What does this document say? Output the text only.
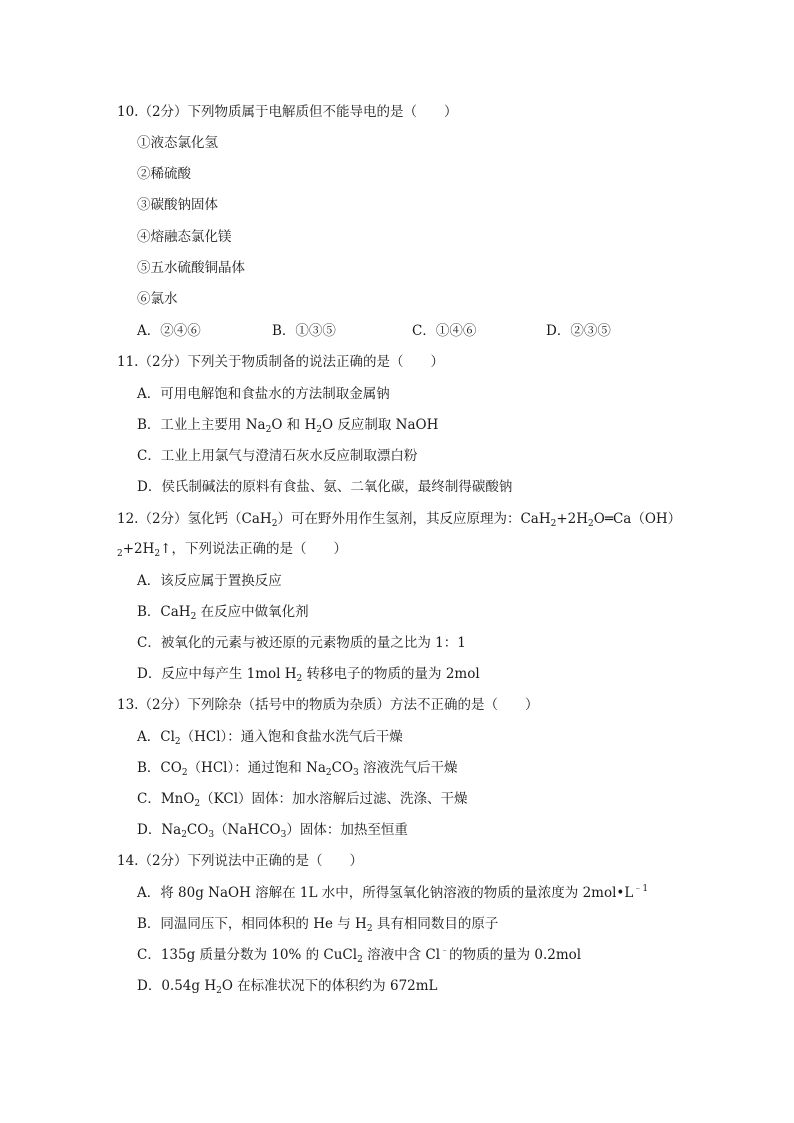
10.（2分）下列物质属于电解质但不能导电的是（　　）
①液态氯化氢
②稀硫酸
③碳酸钠固体
④熔融态氯化镁
⑤五水硫酸铜晶体
⑥氯水
A．②④⑥	B．①③⑤	C．①④⑥	D．②③⑤
11.（2分）下列关于物质制备的说法正确的是（　　）
A．可用电解饱和食盐水的方法制取金属钠
B．工业上主要用 $Na_2O$ 和 $H_2O$ 反应制取 NaOH
C．工业上用氯气与澄清石灰水反应制取漂白粉
D．侯氏制碱法的原料有食盐、氨、二氧化碳，最终制得碳酸钠
12.（2分）氢化钙（CaH$_2$）可在野外用作生氢剂，其反应原理为：$CaH_2+2H_2O═Ca(OH)$
$_2+2H_2↑$，下列说法正确的是（　　）
A．该反应属于置换反应
B．CaH$_2$ 在反应中做氧化剂
C．被氧化的元素与被还原的元素物质的量之比为 1：1
D．反应中每产生 1mol $H_2$ 转移电子的物质的量为 2mol
13.（2分）下列除杂（括号中的物质为杂质）方法不正确的是（　　）
A．$Cl_2(HCl)$：通入饱和食盐水洗气后干燥
B．$CO_2(HCl)$：通过饱和 $Na_2CO_3$ 溶液洗气后干燥
C．MnO$_2$（KCl）固体：加水溶解后过滤、洗涤、干燥
D．$Na_2CO_3(NaHCO_3)$固体：加热至恒重
14.（2分）下列说法中正确的是（　　）
A．将 80g NaOH 溶解在 1L 水中，所得氢氧化钠溶液的物质的量浓度为 $2mol•L^{﹣1}$
B．同温同压下，相同体积的 He 与 $H_2$ 具有相同数目的原子
C．135g 质量分数为 10% 的 CuCl$_2$ 溶液中含 Cl﹣的物质的量为 0.2mol
D．0.54g $H_2O$ 在标准状况下的体积约为 672mL
